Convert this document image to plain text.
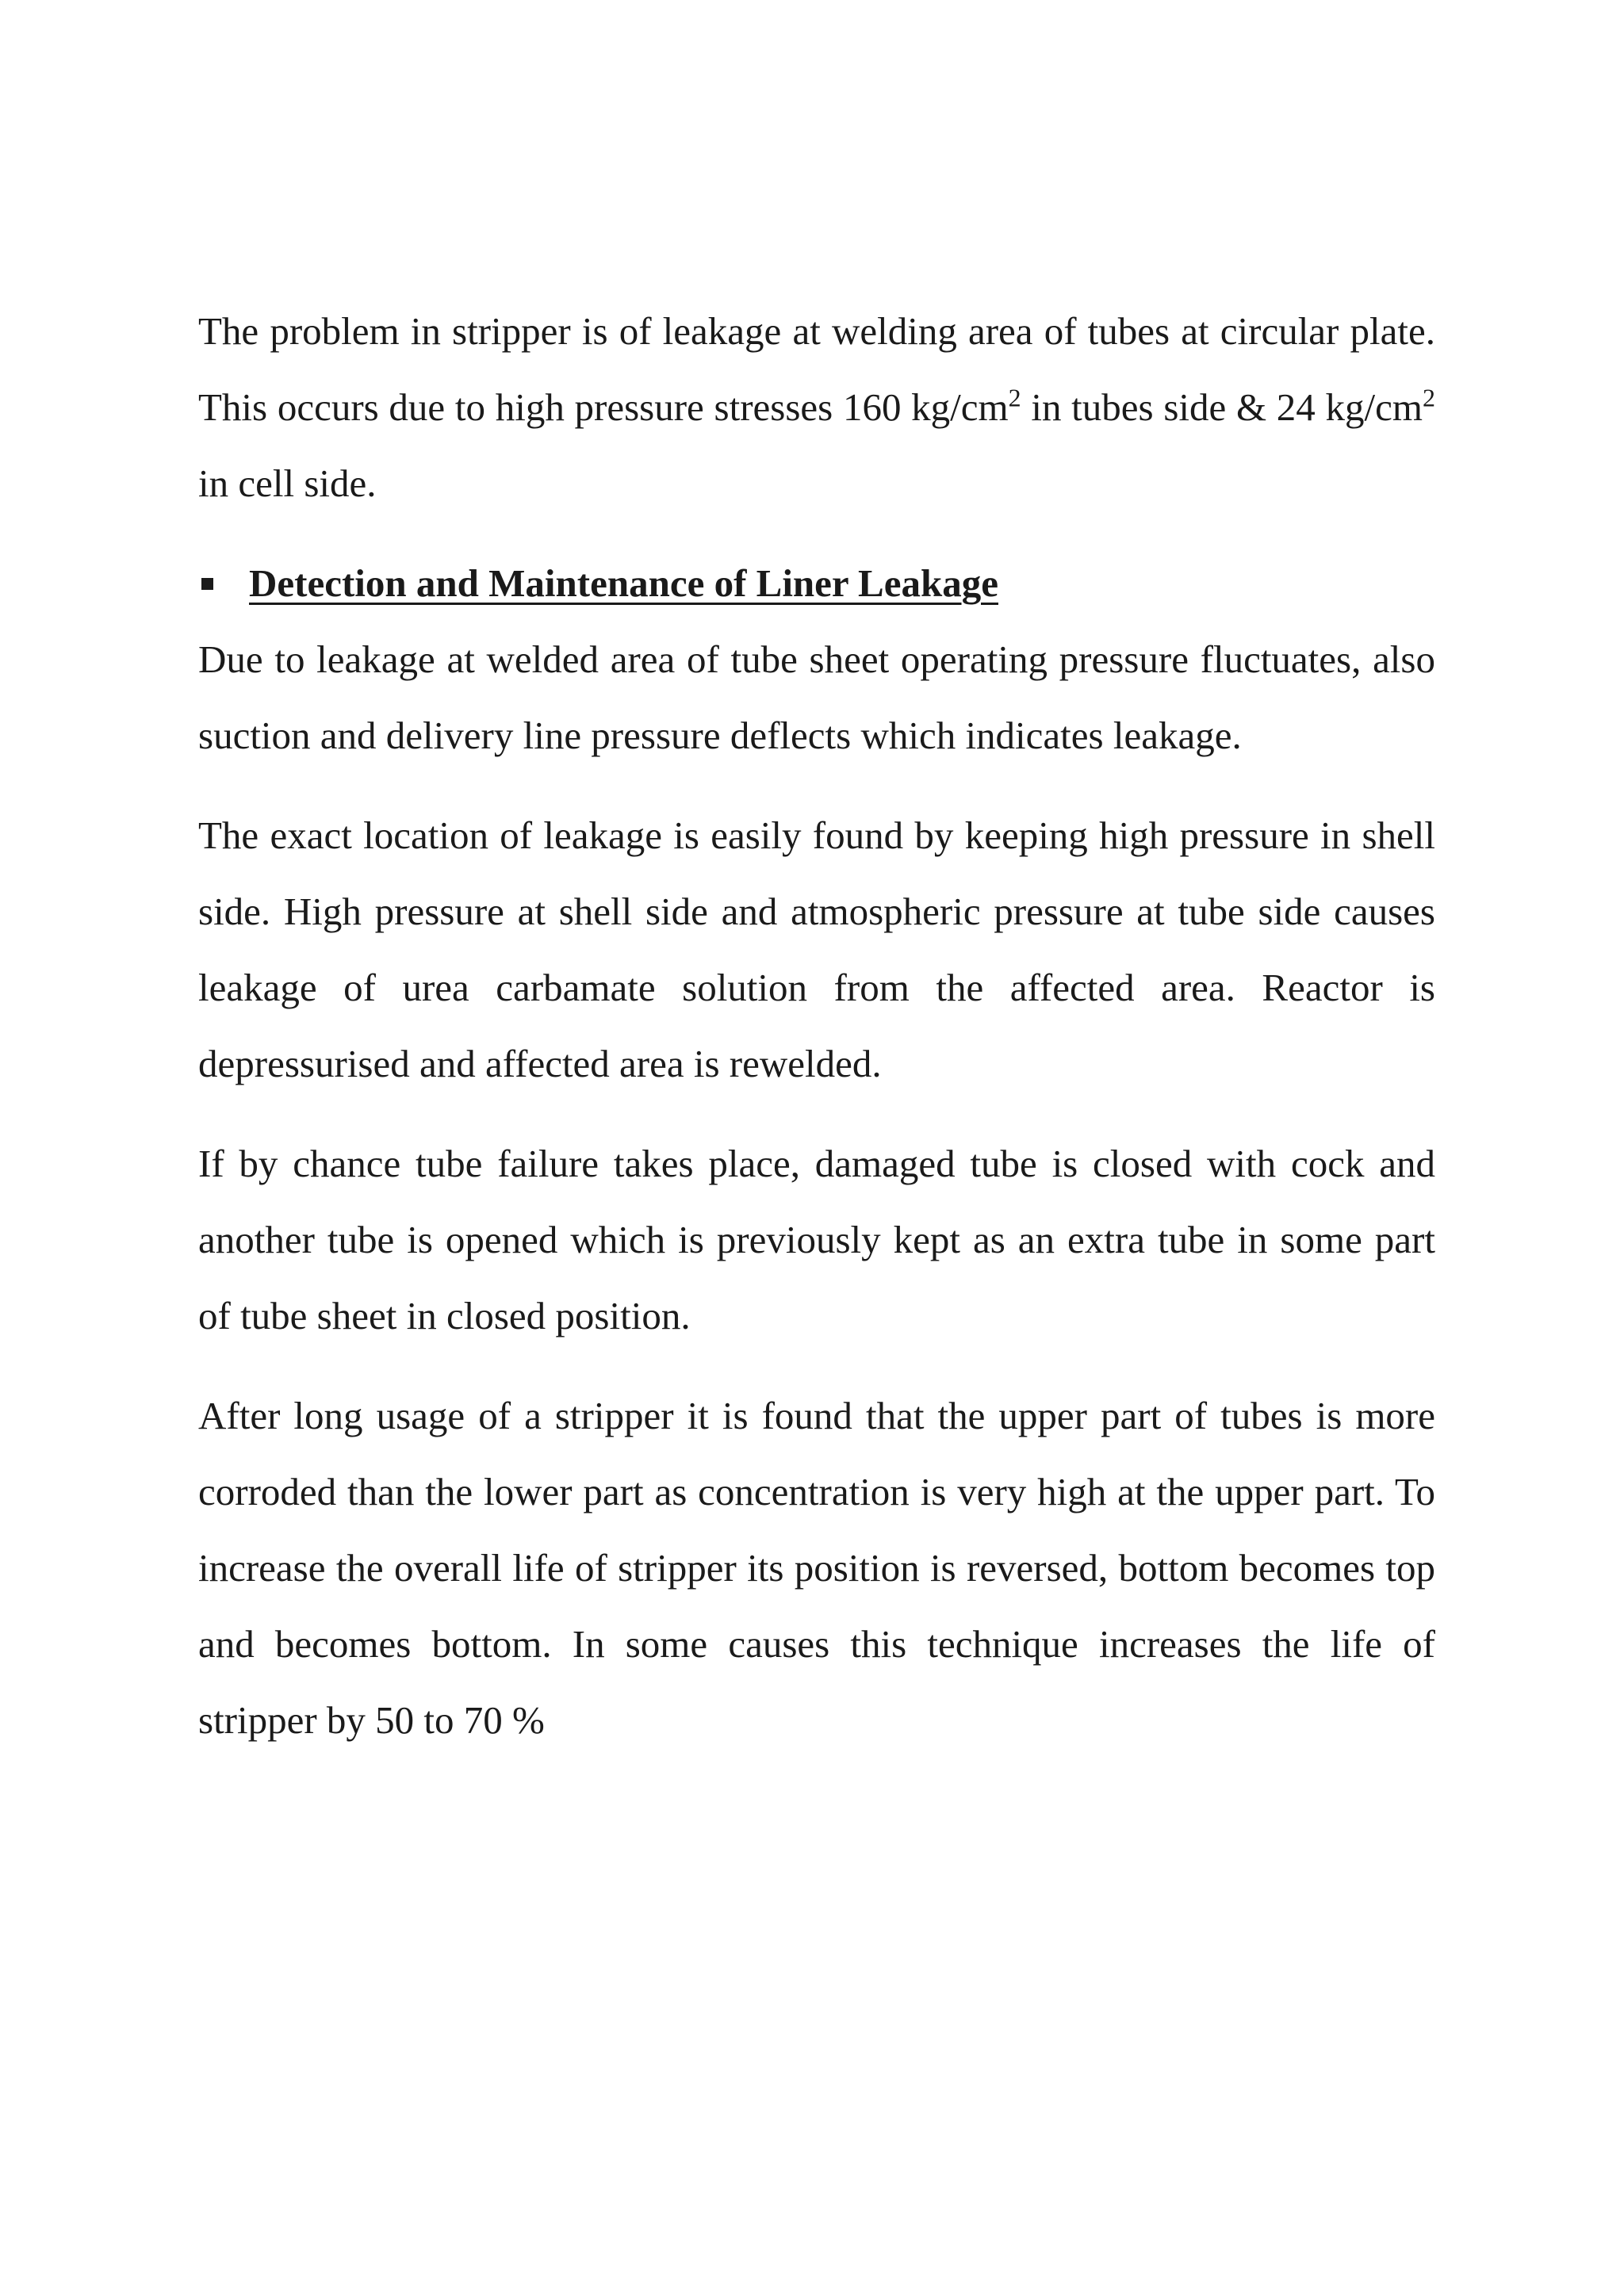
The problem in stripper is of leakage at welding area of tubes at circular plate. This occurs due to high pressure stresses 160 $kg/cm^2$ in tubes side & 24 $kg/cm^2$ in cell side.

Detection and Maintenance of Liner Leakage

Due to leakage at welded area of tube sheet operating pressure fluctuates, also suction and delivery line pressure deflects which indicates leakage.

The exact location of leakage is easily found by keeping high pressure in shell side. High pressure at shell side and atmospheric pressure at tube side causes leakage of urea carbamate solution from the affected area. Reactor is depressurised and affected area is rewelded.

If by chance tube failure takes place, damaged tube is closed with cock and another tube is opened which is previously kept as an extra tube in some part of tube sheet in closed position.

After long usage of a stripper it is found that the upper part of tubes is more corroded than the lower part as concentration is very high at the upper part. To increase the overall life of stripper its position is reversed, bottom becomes top and becomes bottom. In some causes this technique increases the life of stripper by 50 to 70 %
